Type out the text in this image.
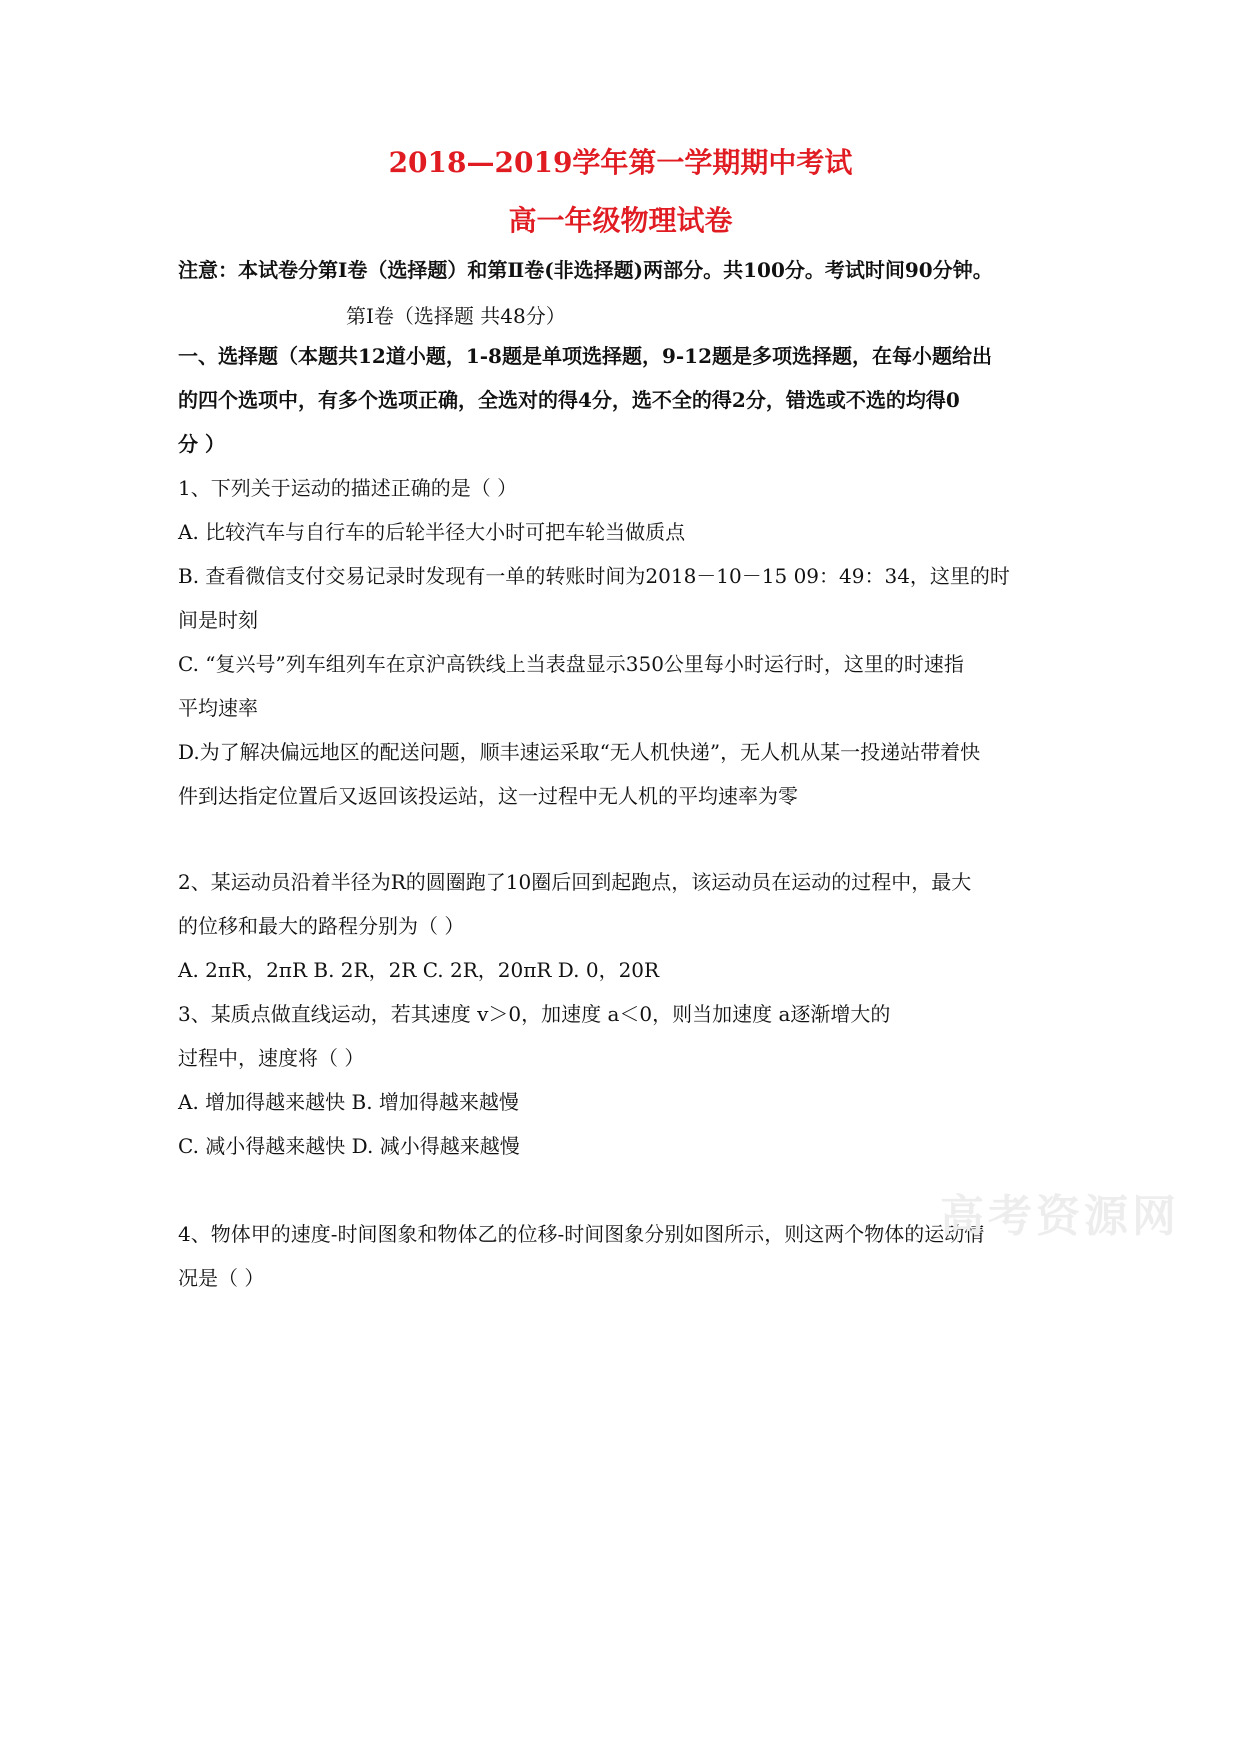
2018—2019学年第一学期期中考试
高一年级物理试卷
注意：本试卷分第Ⅰ卷（选择题）和第Ⅱ卷(非选择题)两部分。共100分。考试时间90分钟。
第Ⅰ卷（选择题 共48分）
一、选择题（本题共12道小题，1-8题是单项选择题，9-12题是多项选择题，在每小题给出
的四个选项中，有多个选项正确，全选对的得4分，选不全的得2分，错选或不选的均得0
分 ）
1、下列关于运动的描述正确的是（ ）
A. 比较汽车与自行车的后轮半径大小时可把车轮当做质点
B. 查看微信支付交易记录时发现有一单的转账时间为2018－10－15 09：49：34，这里的时
间是时刻
C. “复兴号”列车组列车在京沪高铁线上当表盘显示350公里每小时运行时，这里的时速指
平均速率
D.为了解决偏远地区的配送问题，顺丰速运采取“无人机快递”，无人机从某一投递站带着快
件到达指定位置后又返回该投运站，这一过程中无人机的平均速率为零
2、某运动员沿着半径为R的圆圈跑了10圈后回到起跑点，该运动员在运动的过程中，最大
的位移和最大的路程分别为（ ）
A. 2πR，2πR B. 2R，2R C. 2R，20πR D. 0，20R
3、某质点做直线运动，若其速度 v＞0，加速度 a＜0，则当加速度 a逐渐增大的
过程中，速度将（ ）
A. 增加得越来越快 B. 增加得越来越慢
C. 减小得越来越快 D. 减小得越来越慢
4、物体甲的速度-时间图象和物体乙的位移-时间图象分别如图所示，则这两个物体的运动情
况是（ ）
高考资源网
